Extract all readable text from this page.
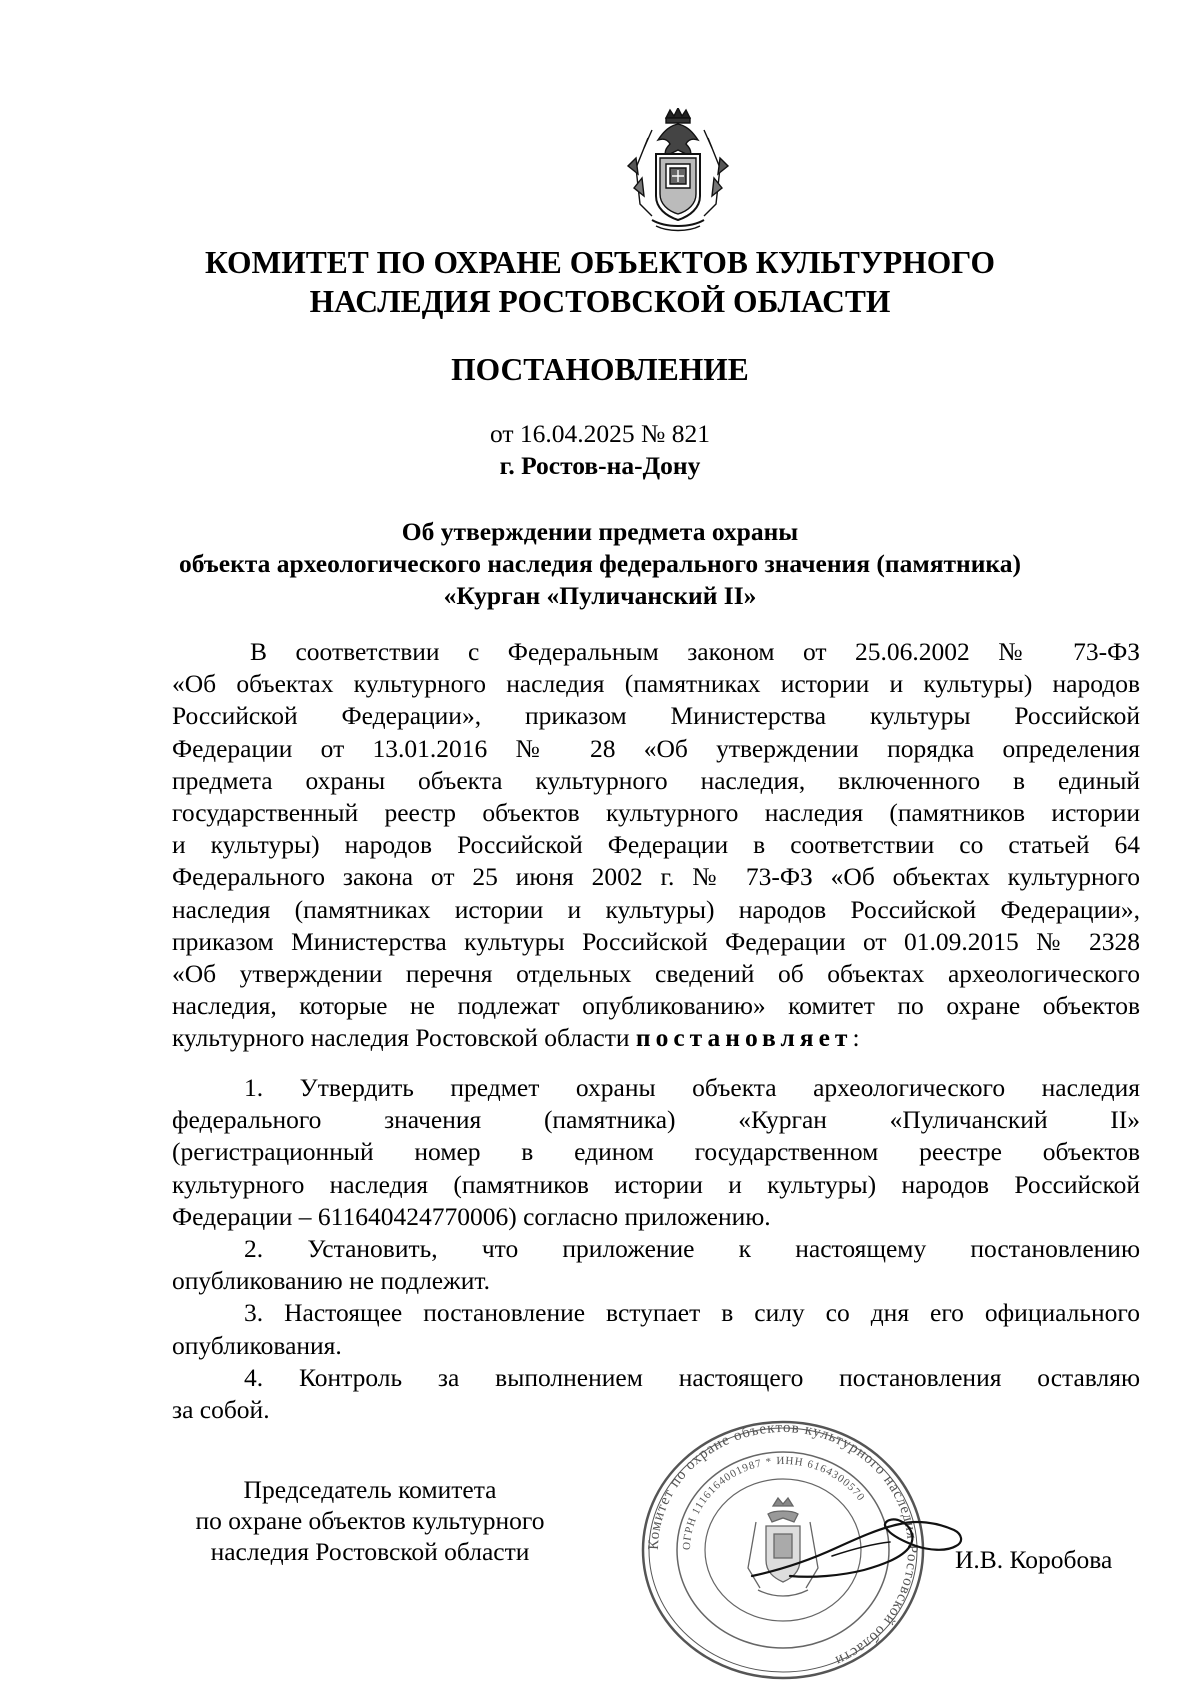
КОМИТЕТ ПО ОХРАНЕ ОБЪЕКТОВ КУЛЬТУРНОГО
НАСЛЕДИЯ РОСТОВСКОЙ ОБЛАСТИ
ПОСТАНОВЛЕНИЕ
от 16.04.2025 № 821
г. Ростов-на-Дону
Об утверждении предмета охраны
объекта археологического наследия федерального значения (памятника)
«Курган «Пуличанский II»
В соответствии с Федеральным законом от 25.06.2002 № 73-ФЗ
«Об объектах культурного наследия (памятниках истории и культуры) народов
Российской Федерации», приказом Министерства культуры Российской
Федерации от 13.01.2016 № 28 «Об утверждении порядка определения
предмета охраны объекта культурного наследия, включенного в единый
государственный реестр объектов культурного наследия (памятников истории
и культуры) народов Российской Федерации в соответствии со статьей 64
Федерального закона от 25 июня 2002 г. № 73-ФЗ «Об объектах культурного
наследия (памятниках истории и культуры) народов Российской Федерации»,
приказом Министерства культуры Российской Федерации от 01.09.2015 № 2328
«Об утверждении перечня отдельных сведений об объектах археологического
наследия, которые не подлежат опубликованию» комитет по охране объектов
культурного наследия Ростовской области постановляет:
1. Утвердить предмет охраны объекта археологического наследия
федерального значения (памятника) «Курган «Пуличанский II»
(регистрационный номер в едином государственном реестре объектов
культурного наследия (памятников истории и культуры) народов Российской
Федерации – 611640424770006) согласно приложению.
2. Установить, что приложение к настоящему постановлению
опубликованию не подлежит.
3. Настоящее постановление вступает в силу со дня его официального
опубликования.
4. Контроль за выполнением настоящего постановления оставляю
за собой.
Комитет по охране объектов культурного наследия Ростовской области
ОГРН 1116164001987 * ИНН 6164300570
Председатель комитета
по охране объектов культурного
наследия Ростовской области	И.В. Коробова
